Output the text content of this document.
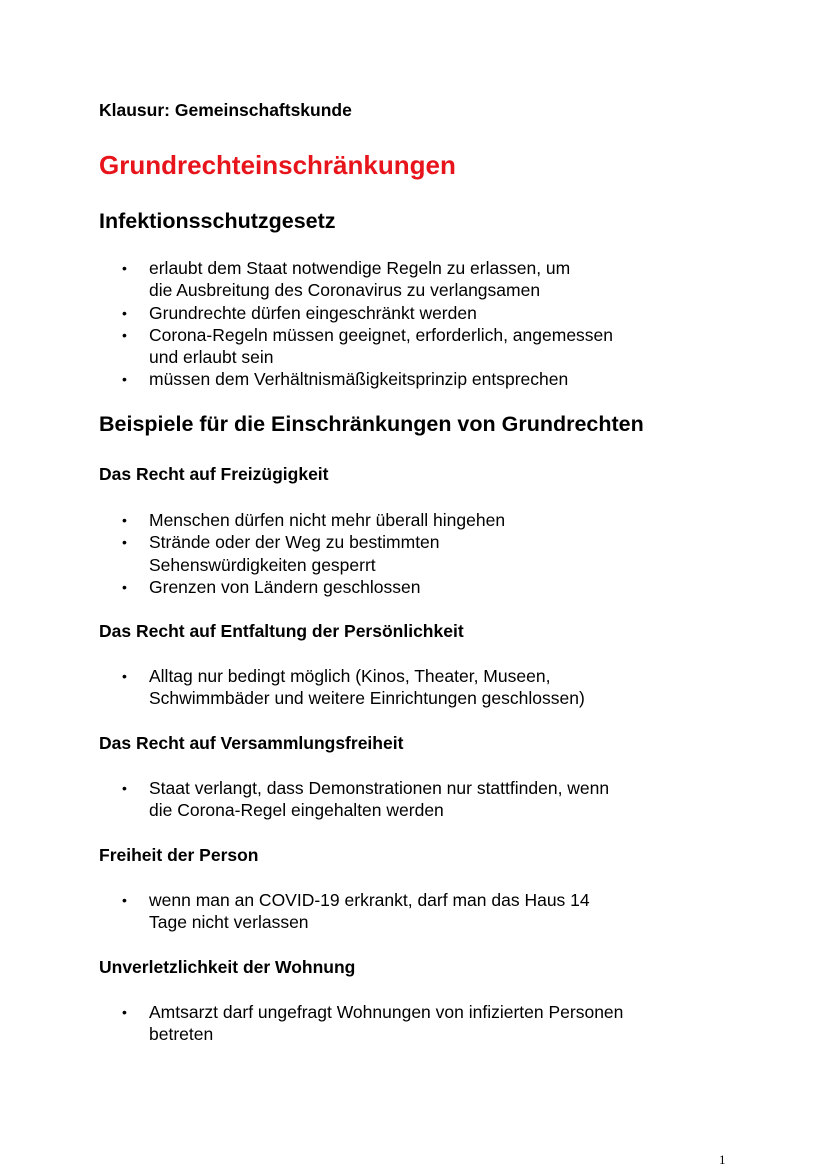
Klausur: Gemeinschaftskunde
Grundrechteinschränkungen
Infektionsschutzgesetz
• erlaubt dem Staat notwendige Regeln zu erlassen, um
die Ausbreitung des Coronavirus zu verlangsamen
• Grundrechte dürfen eingeschränkt werden
• Corona-Regeln müssen geeignet, erforderlich, angemessen
und erlaubt sein
• müssen dem Verhältnismäßigkeitsprinzip entsprechen
Beispiele für die Einschränkungen von Grundrechten
Das Recht auf Freizügigkeit
• Menschen dürfen nicht mehr überall hingehen
• Strände oder der Weg zu bestimmten
Sehenswürdigkeiten gesperrt
• Grenzen von Ländern geschlossen
Das Recht auf Entfaltung der Persönlichkeit
• Alltag nur bedingt möglich (Kinos, Theater, Museen,
Schwimmbäder und weitere Einrichtungen geschlossen)
Das Recht auf Versammlungsfreiheit
• Staat verlangt, dass Demonstrationen nur stattfinden, wenn
die Corona-Regel eingehalten werden
Freiheit der Person
• wenn man an COVID-19 erkrankt, darf man das Haus 14
Tage nicht verlassen
Unverletzlichkeit der Wohnung
• Amtsarzt darf ungefragt Wohnungen von infizierten Personen
betreten
1
